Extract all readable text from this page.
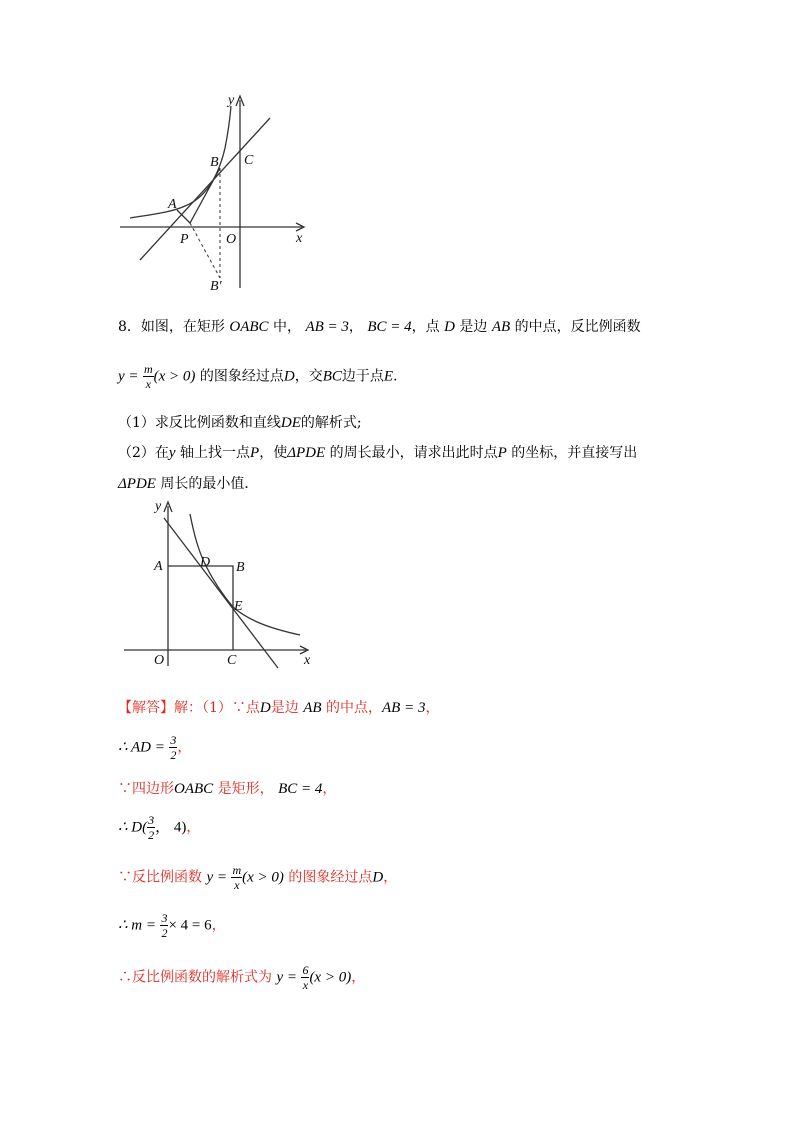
y
x
B C
A
P	O
B′
8．如图，在矩形 OABC 中， AB = 3， BC = 4，点 D 是边 AB 的中点，反比例函数
$y = \frac{m}{x} (x > 0)$ 的图象经过点D，交BC边于点E．
（1）求反比例函数和直线DE的解析式;
（2）在y 轴上找一点P，使ΔPDE 的周长最小，请求出此时点P 的坐标，并直接写出
ΔPDE 周长的最小值．
y
A	D B
E
O	C	x
【解答】解：（1）∵点D是边 AB 的中点，AB = 3，
∴ AD = $\frac{3}{2}$ ，
∵四边形OABC 是矩形， BC = 4，
∴ $D( \frac{3}{2}$ ， 4)，
∵反比例函数 $y = \frac{m}{x} (x > 0)$ 的图象经过点D，
∴ $m = \frac{3}{2} \times 4 = 6$，
∴反比例函数的解析式为 $y = \frac{6}{x} (x > 0)$，
